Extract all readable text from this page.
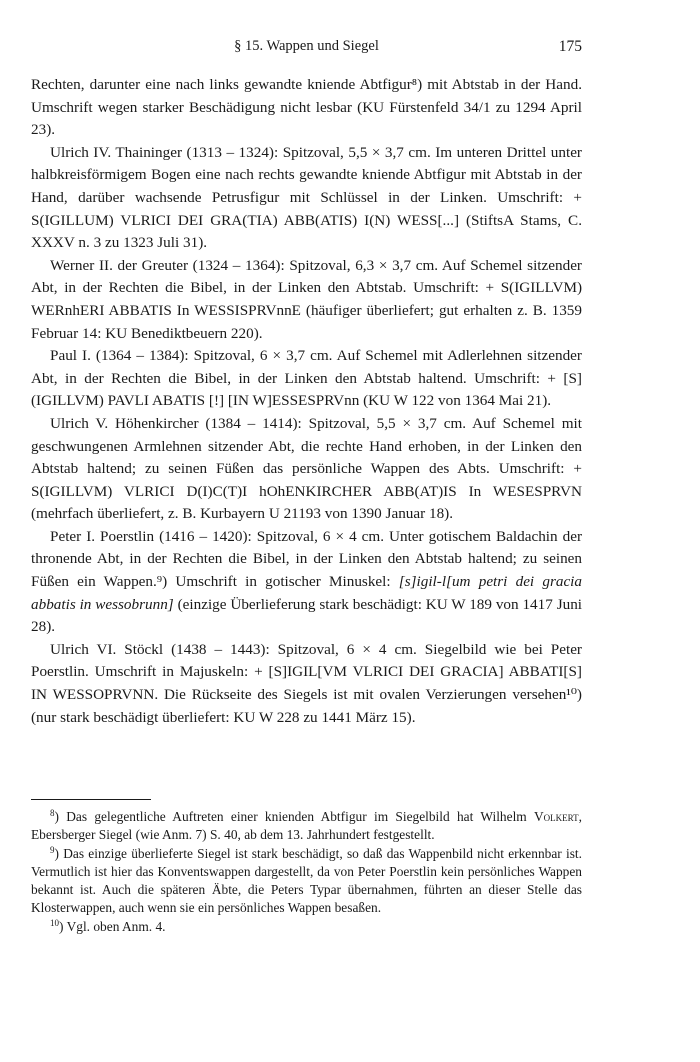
§ 15. Wappen und Siegel	175

Rechten, darunter eine nach links gewandte kniende Abtfigur⁸) mit Abtstab in der Hand. Umschrift wegen starker Beschädigung nicht lesbar (KU Fürstenfeld 34/1 zu 1294 April 23).

Ulrich IV. Thaininger (1313 – 1324): Spitzoval, 5,5 × 3,7 cm. Im unteren Drittel unter halbkreisförmigem Bogen eine nach rechts gewandte kniende Abtfigur mit Abtstab in der Hand, darüber wachsende Petrusfigur mit Schlüssel in der Linken. Umschrift: + S(IGILLUM) VLRICI DEI GRA(TIA) ABB(ATIS) I(N) WESS[...] (StiftsA Stams, C. XXXV n. 3 zu 1323 Juli 31).

Werner II. der Greuter (1324 – 1364): Spitzoval, 6,3 × 3,7 cm. Auf Schemel sitzender Abt, in der Rechten die Bibel, in der Linken den Abtstab. Umschrift: + S(IGILLVM) WERnhERI ABBATIS In WESSISPRVnnE (häufiger überliefert; gut erhalten z. B. 1359 Februar 14: KU Benediktbeuern 220).

Paul I. (1364 – 1384): Spitzoval, 6 × 3,7 cm. Auf Schemel mit Adlerlehnen sitzender Abt, in der Rechten die Bibel, in der Linken den Abtstab haltend. Umschrift: + [S](IGILLVM) PAVLI ABATIS [!] [IN W]ESSESPRVnn (KU W 122 von 1364 Mai 21).

Ulrich V. Höhenkircher (1384 – 1414): Spitzoval, 5,5 × 3,7 cm. Auf Schemel mit geschwungenen Armlehnen sitzender Abt, die rechte Hand erhoben, in der Linken den Abtstab haltend; zu seinen Füßen das persönliche Wappen des Abts. Umschrift: + S(IGILLVM) VLRICI D(I)C(T)I hOhENKIRCHER ABB(AT)IS In WESESPRVN (mehrfach überliefert, z. B. Kurbayern U 21193 von 1390 Januar 18).

Peter I. Poerstlin (1416 – 1420): Spitzoval, 6 × 4 cm. Unter gotischem Baldachin der thronende Abt, in der Rechten die Bibel, in der Linken den Abtstab haltend; zu seinen Füßen ein Wappen.⁹) Umschrift in gotischer Minuskel: [s]igil-l[um petri dei gracia abbatis in wessobrunn] (einzige Überlieferung stark beschädigt: KU W 189 von 1417 Juni 28).

Ulrich VI. Stöckl (1438 – 1443): Spitzoval, 6 × 4 cm. Siegelbild wie bei Peter Poerstlin. Umschrift in Majuskeln: + [S]IGIL[VM VLRICI DEI GRACIA] ABBATI[S] IN WESSOPRVNN. Die Rückseite des Siegels ist mit ovalen Verzierungen versehen¹⁰) (nur stark beschädigt überliefert: KU W 228 zu 1441 März 15).

$^8$) Das gelegentliche Auftreten einer knienden Abtfigur im Siegelbild hat Wilhelm Volkert, Ebersberger Siegel (wie Anm. 7) S. 40, ab dem 13. Jahrhundert festgestellt.

$^9$) Das einzige überlieferte Siegel ist stark beschädigt, so daß das Wappenbild nicht erkennbar ist. Vermutlich ist hier das Konventswappen dargestellt, da von Peter Poerstlin kein persönliches Wappen bekannt ist. Auch die späteren Äbte, die Peters Typar übernahmen, führten an dieser Stelle das Klosterwappen, auch wenn sie ein persönliches Wappen besaßen.

$^{10}$) Vgl. oben Anm. 4.
